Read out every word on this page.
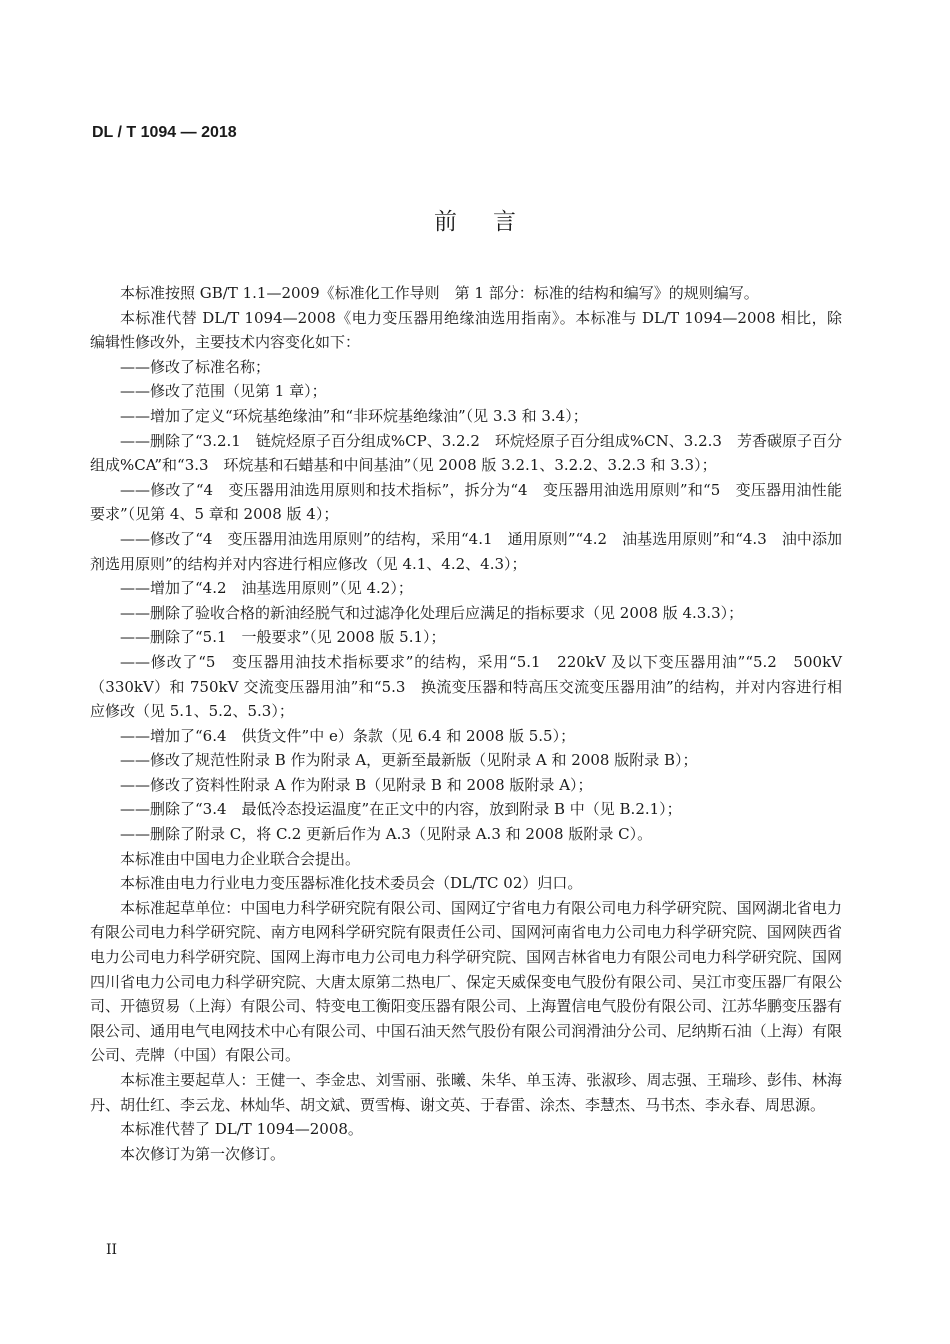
DL / T 1094 — 2018
前言

本标准按照 GB/T 1.1—2009《标准化工作导则　第 1 部分：标准的结构和编写》的规则编写。

本标准代替 DL/T 1094—2008《电力变压器用绝缘油选用指南》。本标准与 DL/T 1094—2008 相比，除编辑性修改外，主要技术内容变化如下：

——修改了标准名称；

——修改了范围（见第 1 章）；

——增加了定义“环烷基绝缘油”和“非环烷基绝缘油”（见 3.3 和 3.4）；

——删除了“3.2.1　链烷烃原子百分组成%CP、3.2.2　环烷烃原子百分组成%CN、3.2.3　芳香碳原子百分组成%CA”和“3.3　环烷基和石蜡基和中间基油”（见 2008 版 3.2.1、3.2.2、3.2.3 和 3.3）；

——修改了“4　变压器用油选用原则和技术指标”，拆分为“4　变压器用油选用原则”和“5　变压器用油性能要求”（见第 4、5 章和 2008 版 4）；

——修改了“4　变压器用油选用原则”的结构，采用“4.1　通用原则”“4.2　油基选用原则”和“4.3　油中添加剂选用原则”的结构并对内容进行相应修改（见 4.1、4.2、4.3）；

——增加了“4.2　油基选用原则”（见 4.2）；

——删除了验收合格的新油经脱气和过滤净化处理后应满足的指标要求（见 2008 版 4.3.3）；

——删除了“5.1　一般要求”（见 2008 版 5.1）；

——修改了“5　变压器用油技术指标要求”的结构，采用“5.1　220kV 及以下变压器用油”“5.2　500kV（330kV）和 750kV 交流变压器用油”和“5.3　换流变压器和特高压交流变压器用油”的结构，并对内容进行相应修改（见 5.1、5.2、5.3）；

——增加了“6.4　供货文件”中 e）条款（见 6.4 和 2008 版 5.5）；

——修改了规范性附录 B 作为附录 A，更新至最新版（见附录 A 和 2008 版附录 B）；

——修改了资料性附录 A 作为附录 B（见附录 B 和 2008 版附录 A）；

——删除了“3.4　最低冷态投运温度”在正文中的内容，放到附录 B 中（见 B.2.1）；

——删除了附录 C，将 C.2 更新后作为 A.3（见附录 A.3 和 2008 版附录 C）。

本标准由中国电力企业联合会提出。

本标准由电力行业电力变压器标准化技术委员会（DL/TC 02）归口。

本标准起草单位：中国电力科学研究院有限公司、国网辽宁省电力有限公司电力科学研究院、国网湖北省电力有限公司电力科学研究院、南方电网科学研究院有限责任公司、国网河南省电力公司电力科学研究院、国网陕西省电力公司电力科学研究院、国网上海市电力公司电力科学研究院、国网吉林省电力有限公司电力科学研究院、国网四川省电力公司电力科学研究院、大唐太原第二热电厂、保定天威保变电气股份有限公司、吴江市变压器厂有限公司、开德贸易（上海）有限公司、特变电工衡阳变压器有限公司、上海置信电气股份有限公司、江苏华鹏变压器有限公司、通用电气电网技术中心有限公司、中国石油天然气股份有限公司润滑油分公司、尼纳斯石油（上海）有限公司、壳牌（中国）有限公司。

本标准主要起草人：王健一、李金忠、刘雪丽、张曦、朱华、单玉涛、张淑珍、周志强、王瑞珍、彭伟、林海丹、胡仕红、李云龙、林灿华、胡文斌、贾雪梅、谢文英、于春雷、涂杰、李慧杰、马书杰、李永春、周思源。

本标准代替了 DL/T 1094—2008。

本次修订为第一次修订。

II
